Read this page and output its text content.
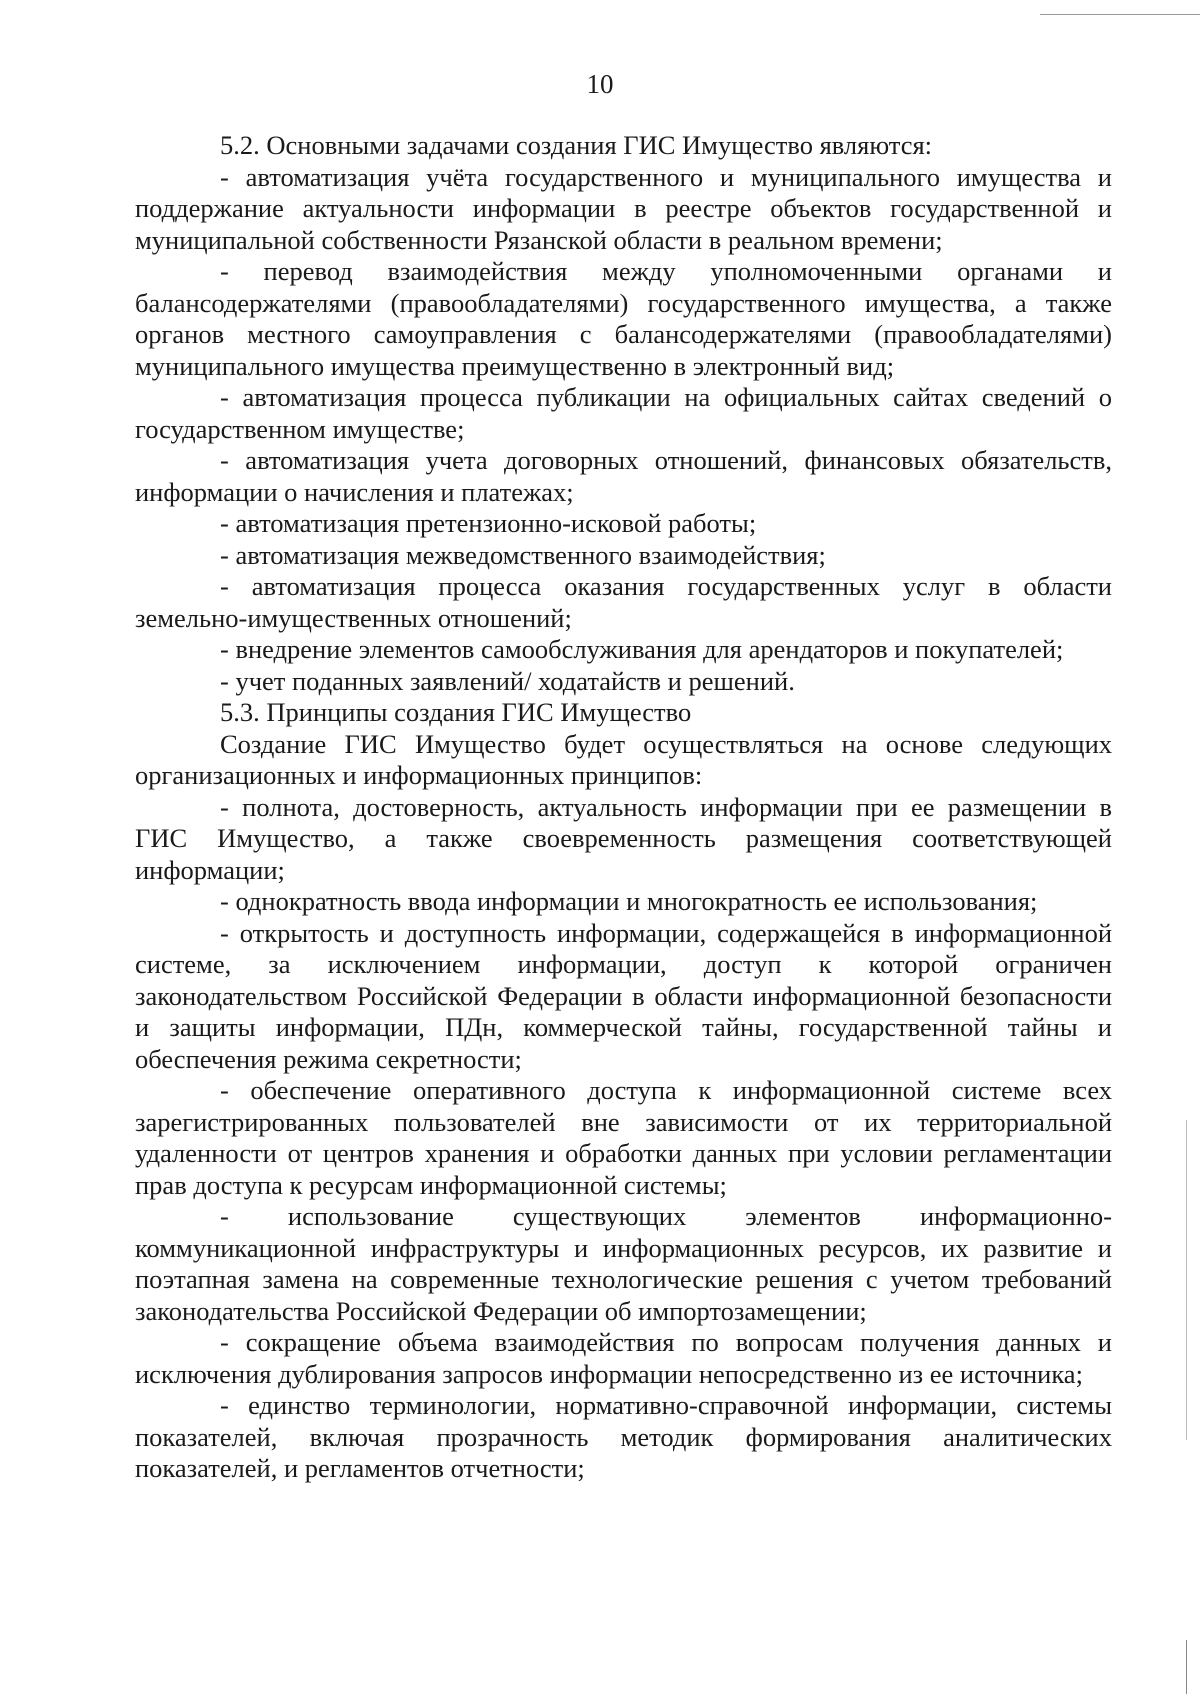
10

5.2. Основными задачами создания ГИС Имущество являются:

- автоматизация учёта государственного и муниципального имущества и поддержание актуальности информации в реестре объектов государственной и муниципальной собственности Рязанской области в реальном времени;

- перевод взаимодействия между уполномоченными органами и балансодержателями (правообладателями) государственного имущества, а также органов местного самоуправления с балансодержателями (правообладателями) муниципального имущества преимущественно в электронный вид;

- автоматизация процесса публикации на официальных сайтах сведений о государственном имуществе;

- автоматизация учета договорных отношений, финансовых обязательств, информации о начисления и платежах;

- автоматизация претензионно-исковой работы;

- автоматизация межведомственного взаимодействия;

- автоматизация процесса оказания государственных услуг в области земельно-имущественных отношений;

- внедрение элементов самообслуживания для арендаторов и покупателей;

- учет поданных заявлений/ ходатайств и решений.

5.3. Принципы создания ГИС Имущество

Создание ГИС Имущество будет осуществляться на основе следующих организационных и информационных принципов:

- полнота, достоверность, актуальность информации при ее размещении в ГИС Имущество, а также своевременность размещения соответствующей информации;

- однократность ввода информации и многократность ее использования;

- открытость и доступность информации, содержащейся в информационной системе, за исключением информации, доступ к которой ограничен законодательством Российской Федерации в области информационной безопасности и защиты информации, ПДн, коммерческой тайны, государственной тайны и обеспечения режима секретности;

- обеспечение оперативного доступа к информационной системе всех зарегистрированных пользователей вне зависимости от их территориальной удаленности от центров хранения и обработки данных при условии регламентации прав доступа к ресурсам информационной системы;

- использование существующих элементов информационно-коммуникационной инфраструктуры и информационных ресурсов, их развитие и поэтапная замена на современные технологические решения с учетом требований законодательства Российской Федерации об импортозамещении;

- сокращение объема взаимодействия по вопросам получения данных и исключения дублирования запросов информации непосредственно из ее источника;

- единство терминологии, нормативно-справочной информации, системы показателей, включая прозрачность методик формирования аналитических показателей, и регламентов отчетности;
